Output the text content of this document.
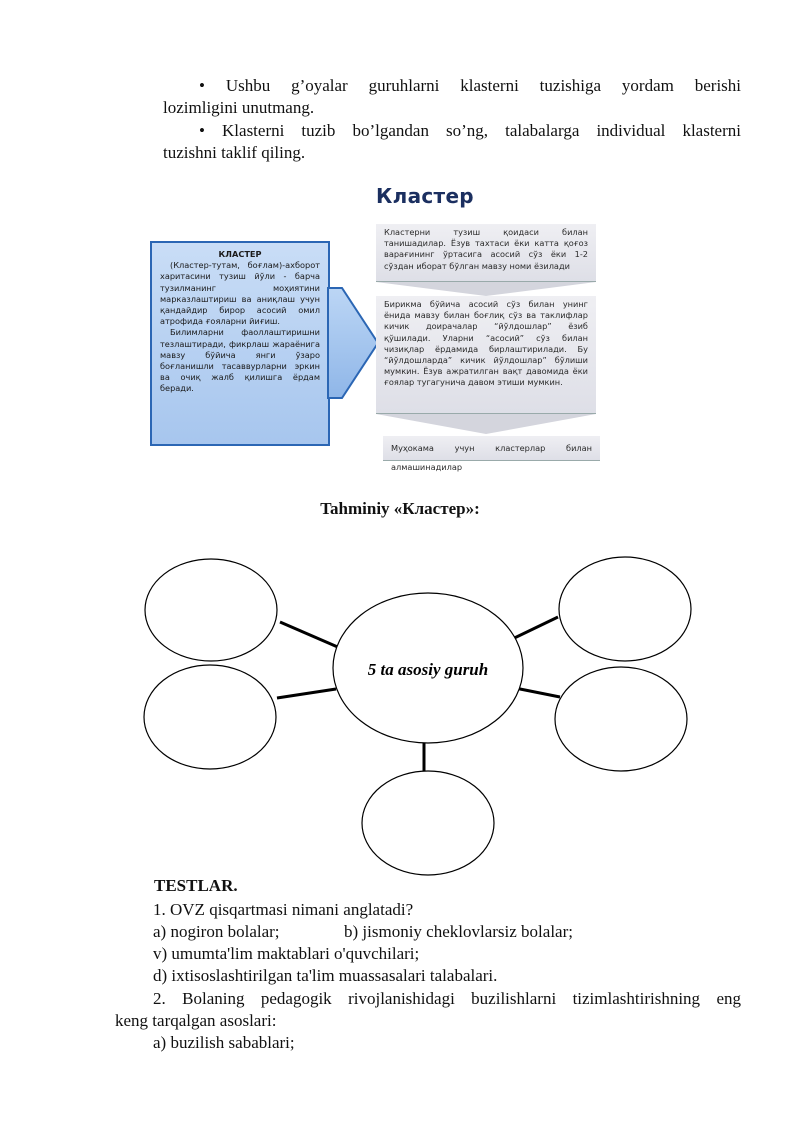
• Ushbu g’oyalar guruhlarni klasterni tuzishiga yordam berishi
lozimligini unutmang.
• Klasterni tuzib bo’lgandan so’ng, talabalarga individual klasterni
tuzishni taklif qiling.
Кластер
КЛАСТЕР

(Кластер-тутам, боғлам)-ахборот харитасини тузиш йўли - барча тузилманинг моҳиятини марказлаштириш ва аниқлаш учун қандайдир бирор асосий омил атрофида ғояларни йиғиш.

Билимларни фаоллаштиришни тезлаштиради, фикрлаш жараёнига мавзу бўйича янги ўзаро боғланишли тасаввурларни эркин ва очиқ жалб қилишга ёрдам беради.

Кластерни тузиш қоидаси билан танишадилар. Ёзув тахтаси ёки катта қоғоз варағининг ўртасига асосий сўз ёки 1-2 сўздан иборат бўлган мавзу номи ёзилади
Бирикма бўйича асосий сўз билан унинг ёнида мавзу билан боғлиқ сўз ва таклифлар кичик доирачалар “йўлдошлар” ёзиб қўшилади. Уларни “асосий” сўз билан чизиқлар ёрдамида бирлаштирилади. Бу “йўлдошларда” кичик йўлдошлар” бўлиши мумкин. Ёзув ажратилган вақт давомида ёки ғоялар тугагунича давом этиши мумкин.
Муҳокама учун кластерлар билан алмашинадилар
Tahminiy «Кластер»:
5 ta asosiy guruh
TESTLAR.
1. OVZ qisqartmasi nimani anglatadi?
a) nogiron bolalar;	b) jismoniy cheklovlarsiz bolalar;
v) umumta'lim maktablari o'quvchilari;
d) ixtisoslashtirilgan ta'lim muassasalari talabalari.
2. Bolaning pedagogik rivojlanishidagi buzilishlarni tizimlashtirishning eng
keng tarqalgan asoslari:
a) buzilish sabablari;
